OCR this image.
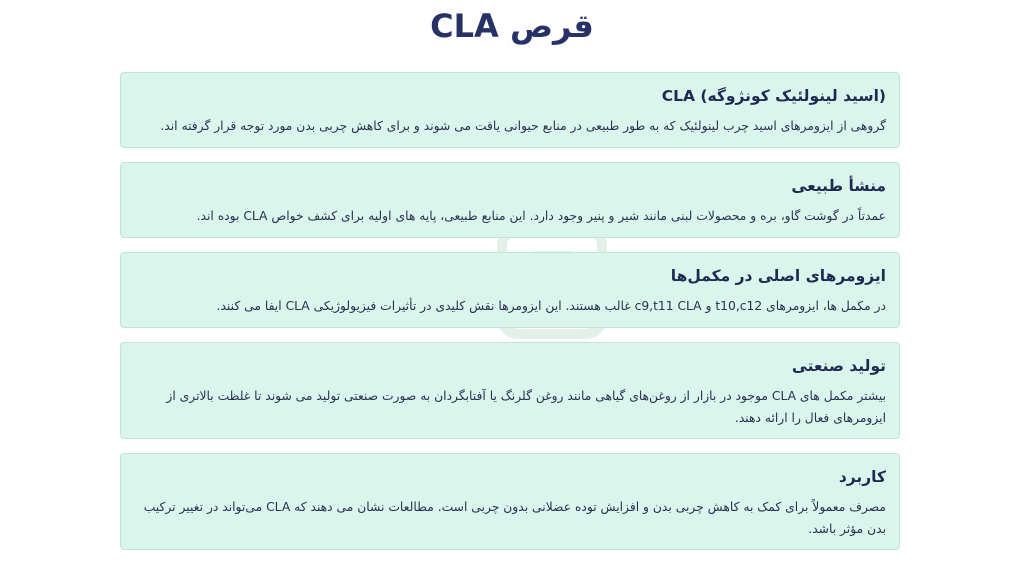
قرص CLA
(اسید لینولئیک کونژوگه) CLA

گروهی از ایزومرهای اسید چرب لینولئیک که به طور طبیعی در منابع حیوانی یافت می شوند و برای کاهش چربی بدن مورد توجه قرار گرفته اند.

منشأ طبیعی

عمدتاً در گوشت گاو، بره و محصولات لبنی مانند شیر و پنیر وجود دارد. این منابع طبیعی، پایه های اولیه برای کشف خواص CLA بوده اند.

ایزومرهای اصلی در مکمل‌ها

در مکمل ها، ایزومرهای t10,c12 و c9,t11 CLA غالب هستند. این ایزومرها نقش کلیدی در تأثیرات فیزیولوژیکی CLA ایفا می کنند.

تولید صنعتی

بیشتر مکمل های CLA موجود در بازار از روغن‌های گیاهی مانند روغن گلرنگ یا آفتابگردان به صورت صنعتی تولید می شوند تا غلظت بالاتری از ایزومرهای فعال را ارائه دهند.

کاربرد

مصرف معمولاً برای کمک به کاهش چربی بدن و افزایش توده عضلانی بدون چربی است. مطالعات نشان می دهند که CLA می‌تواند در تغییر ترکیب بدن مؤثر باشد.
